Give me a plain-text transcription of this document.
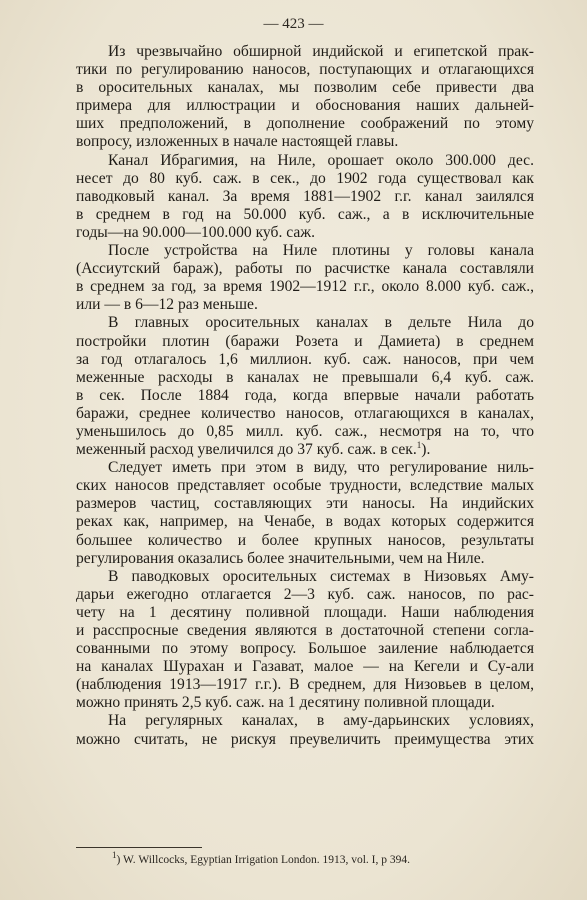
— 423 —
Из чрезвычайно обширной индийской и египетской прак-
тики по регулированию наносов, поступающих и отлагающихся
в оросительных каналах, мы позволим себе привести два
примера для иллюстрации и обоснования наших дальней-
ших предположений, в дополнение соображений по этому
вопросу, изложенных в начале настоящей главы.
Канал Ибрагимия, на Ниле, орошает около 300.000 дес.
несет до 80 куб. саж. в сек., до 1902 года существовал как
паводковый канал. За время 1881—1902 г.г. канал заилялся
в среднем в год на 50.000 куб. саж., а в исключительные
годы—на 90.000—100.000 куб. саж.
После устройства на Ниле плотины у головы канала
(Ассиутский бараж), работы по расчистке канала составляли
в среднем за год, за время 1902—1912 г.г., около 8.000 куб. саж.,
или — в 6—12 раз меньше.
В главных оросительных каналах в дельте Нила до
постройки плотин (баражи Розета и Дамиета) в среднем
за год отлагалось 1,6 миллион. куб. саж. наносов, при чем
меженные расходы в каналах не превышали 6,4 куб. саж.
в сек. После 1884 года, когда впервые начали работать
баражи, среднее количество наносов, отлагающихся в каналах,
уменьшилось до 0,85 милл. куб. саж., несмотря на то, что
меженный расход увеличился до 37 куб. саж. в сек.$^1$).
Следует иметь при этом в виду, что регулирование ниль-
ских наносов представляет особые трудности, вследствие малых
размеров частиц, составляющих эти наносы. На индийских
реках как, например, на Ченабе, в водах которых содержится
большее количество и более крупных наносов, результаты
регулирования оказались более значительными, чем на Ниле.
В паводковых оросительных системах в Низовьях Аму-
дарьи ежегодно отлагается 2—3 куб. саж. наносов, по рас-
чету на 1 десятину поливной площади. Наши наблюдения
и расспросные сведения являются в достаточной степени согла-
сованными по этому вопросу. Большое заиление наблюдается
на каналах Шурахан и Газават, малое — на Кегели и Су-али
(наблюдения 1913—1917 г.г.). В среднем, для Низовьев в целом,
можно принять 2,5 куб. саж. на 1 десятину поливной площади.
На регулярных каналах, в аму-дарьинских условиях,
можно считать, не рискуя преувеличить преимущества этих
$^1$) W. Willcocks, Egyptian Irrigation London. 1913, vol. I, p 394.
